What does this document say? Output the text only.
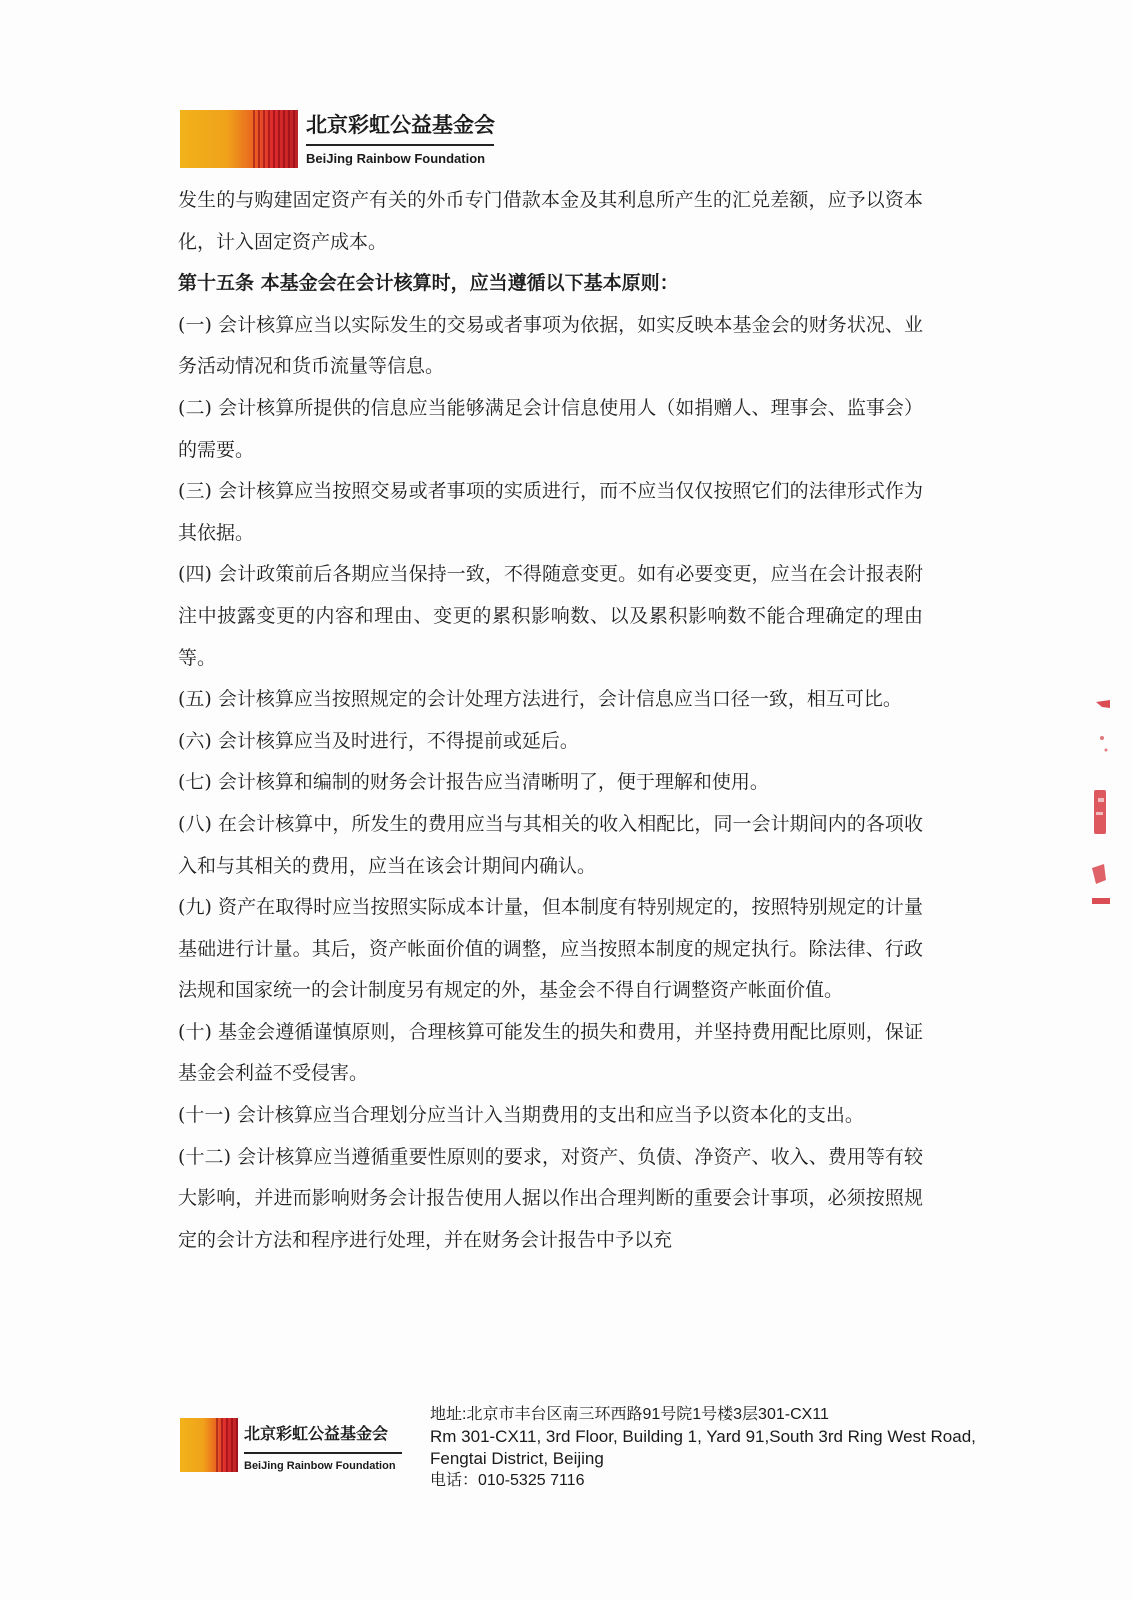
北京彩虹公益基金会
BeiJing Rainbow Foundation

发生的与购建固定资产有关的外币专门借款本金及其利息所产生的汇兑差额，应予以资本化，计入固定资产成本。

第十五条 本基金会在会计核算时，应当遵循以下基本原则：

(一) 会计核算应当以实际发生的交易或者事项为依据，如实反映本基金会的财务状况、业务活动情况和货币流量等信息。

(二) 会计核算所提供的信息应当能够满足会计信息使用人（如捐赠人、理事会、监事会）的需要。

(三) 会计核算应当按照交易或者事项的实质进行，而不应当仅仅按照它们的法律形式作为其依据。

(四) 会计政策前后各期应当保持一致，不得随意变更。如有必要变更，应当在会计报表附注中披露变更的内容和理由、变更的累积影响数、以及累积影响数不能合理确定的理由等。

(五) 会计核算应当按照规定的会计处理方法进行，会计信息应当口径一致，相互可比。

(六) 会计核算应当及时进行，不得提前或延后。

(七) 会计核算和编制的财务会计报告应当清晰明了，便于理解和使用。

(八) 在会计核算中，所发生的费用应当与其相关的收入相配比，同一会计期间内的各项收入和与其相关的费用，应当在该会计期间内确认。

(九) 资产在取得时应当按照实际成本计量，但本制度有特别规定的，按照特别规定的计量基础进行计量。其后，资产帐面价值的调整，应当按照本制度的规定执行。除法律、行政法规和国家统一的会计制度另有规定的外，基金会不得自行调整资产帐面价值。

(十) 基金会遵循谨慎原则，合理核算可能发生的损失和费用，并坚持费用配比原则，保证基金会利益不受侵害。

(十一) 会计核算应当合理划分应当计入当期费用的支出和应当予以资本化的支出。

(十二) 会计核算应当遵循重要性原则的要求，对资产、负债、净资产、收入、费用等有较大影响，并进而影响财务会计报告使用人据以作出合理判断的重要会计事项，必须按照规定的会计方法和程序进行处理，并在财务会计报告中予以充

北京彩虹公益基金会
BeiJing Rainbow Foundation
地址:北京市丰台区南三环西路91号院1号楼3层301-CX11
Rm 301-CX11, 3rd Floor, Building 1, Yard 91,South 3rd Ring West Road,
Fengtai District, Beijing
电话：010-5325 7116
